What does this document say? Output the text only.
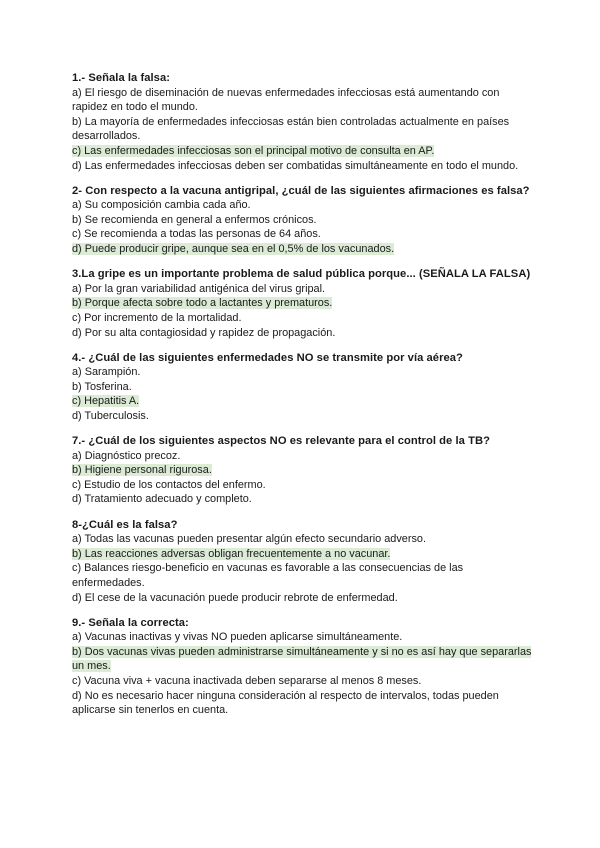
1.- Señala la falsa:
a) El riesgo de diseminación de nuevas enfermedades infecciosas está aumentando con rapidez en todo el mundo.
b) La mayoría de enfermedades infecciosas están bien controladas actualmente en países desarrollados.
c) Las enfermedades infecciosas son el principal motivo de consulta en AP.
d) Las enfermedades infecciosas deben ser combatidas simultáneamente en todo el mundo.
2- Con respecto a la vacuna antigripal, ¿cuál de las siguientes afirmaciones es falsa?
a) Su composición cambia cada año.
b) Se recomienda en general a enfermos crónicos.
c) Se recomienda a todas las personas de 64 años.
d) Puede producir gripe, aunque sea en el 0,5% de los vacunados.
3.La gripe es un importante problema de salud pública porque... (SEÑALA LA FALSA)
a) Por la gran variabilidad antigénica del virus gripal.
b) Porque afecta sobre todo a lactantes y prematuros.
c) Por incremento de la mortalidad.
d) Por su alta contagiosidad y rapidez de propagación.
4.- ¿Cuál de las siguientes enfermedades NO se transmite por vía aérea?
a) Sarampión.
b) Tosferina.
c) Hepatitis A.
d) Tuberculosis.
7.- ¿Cuál de los siguientes aspectos NO es relevante para el control de la TB?
a) Diagnóstico precoz.
b) Higiene personal rigurosa.
c) Estudio de los contactos del enfermo.
d) Tratamiento adecuado y completo.
8-¿Cuál es la falsa?
a) Todas las vacunas pueden presentar algún efecto secundario adverso.
b) Las reacciones adversas obligan frecuentemente a no vacunar.
c) Balances riesgo-beneficio en vacunas es favorable a las consecuencias de las enfermedades.
d) El cese de la vacunación puede producir rebrote de enfermedad.
9.- Señala la correcta:
a) Vacunas inactivas y vivas NO pueden aplicarse simultáneamente.
b) Dos vacunas vivas pueden administrarse simultáneamente y si no es así hay que separarlas un mes.
c) Vacuna viva + vacuna inactivada deben separarse al menos 8 meses.
d) No es necesario hacer ninguna consideración al respecto de intervalos, todas pueden aplicarse sin tenerlos en cuenta.
